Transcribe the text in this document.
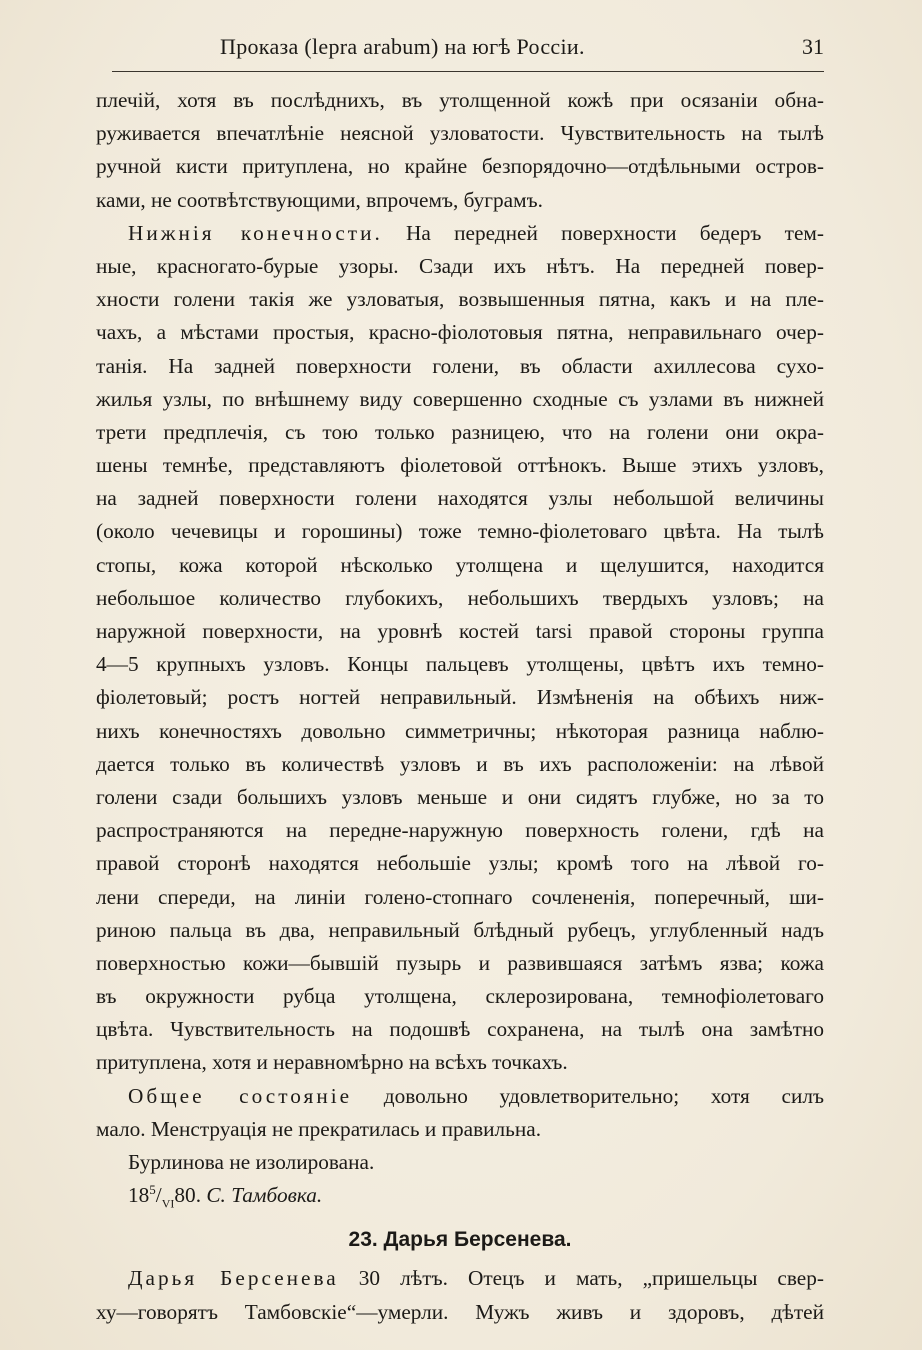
Проказа (lepra arabum) на югѣ Россіи.	31
плечій, хотя въ послѣднихъ, въ утолщенной кожѣ при осязаніи обна-
руживается впечатлѣніе неясной узловатости. Чувствительность на тылѣ
ручной кисти притуплена, но крайне безпорядочно—отдѣльными остров-
ками, не соотвѣтствующими, впрочемъ, буграмъ.
Нижнія конечности. На передней поверхности бедеръ тем-
ные, красногато-бурые узоры. Сзади ихъ нѣтъ. На передней повер-
хности голени такія же узловатыя, возвышенныя пятна, какъ и на пле-
чахъ, а мѣстами простыя, красно-фіолотовыя пятна, неправильнаго очер-
танія. На задней поверхности голени, въ области ахиллесова сухо-
жилья узлы, по внѣшнему виду совершенно сходные съ узлами въ нижней
трети предплечія, съ тою только разницею, что на голени они окра-
шены темнѣе, представляютъ фіолетовой оттѣнокъ. Выше этихъ узловъ,
на задней поверхности голени находятся узлы небольшой величины
(около чечевицы и горошины) тоже темно-фіолетоваго цвѣта. На тылѣ
стопы, кожа которой нѣсколько утолщена и щелушится, находится
небольшое количество глубокихъ, небольшихъ твердыхъ узловъ; на
наружной поверхности, на уровнѣ костей tarsi правой стороны группа
4—5 крупныхъ узловъ. Концы пальцевъ утолщены, цвѣтъ ихъ темно-
фіолетовый; ростъ ногтей неправильный. Измѣненія на обѣихъ ниж-
нихъ конечностяхъ довольно симметричны; нѣкоторая разница наблю-
дается только въ количествѣ узловъ и въ ихъ расположеніи: на лѣвой
голени сзади большихъ узловъ меньше и они сидятъ глубже, но за то
распространяются на передне-наружную поверхность голени, гдѣ на
правой сторонѣ находятся небольшіе узлы; кромѣ того на лѣвой го-
лени спереди, на линіи голено-стопнаго сочлененія, поперечный, ши-
риною пальца въ два, неправильный блѣдный рубецъ, углубленный надъ
поверхностью кожи—бывшій пузырь и развившаяся затѣмъ язва; кожа
въ окружности рубца утолщена, склерозирована, темнофіолетоваго
цвѣта. Чувствительность на подошвѣ сохранена, на тылѣ она замѣтно
притуплена, хотя и неравномѣрно на всѣхъ точкахъ.
Общее состояніе довольно удовлетворительно; хотя силъ
мало. Менструація не прекратилась и правильна.
Бурлинова не изолирована.
$18^5/_{VI}80$. С. Тамбовка.
23. Дарья Берсенева.
Дарья Берсенева 30 лѣтъ. Отецъ и мать, „пришельцы свер-
ху—говорятъ Тамбовскіе“—умерли. Мужъ живъ и здоровъ, дѣтей
